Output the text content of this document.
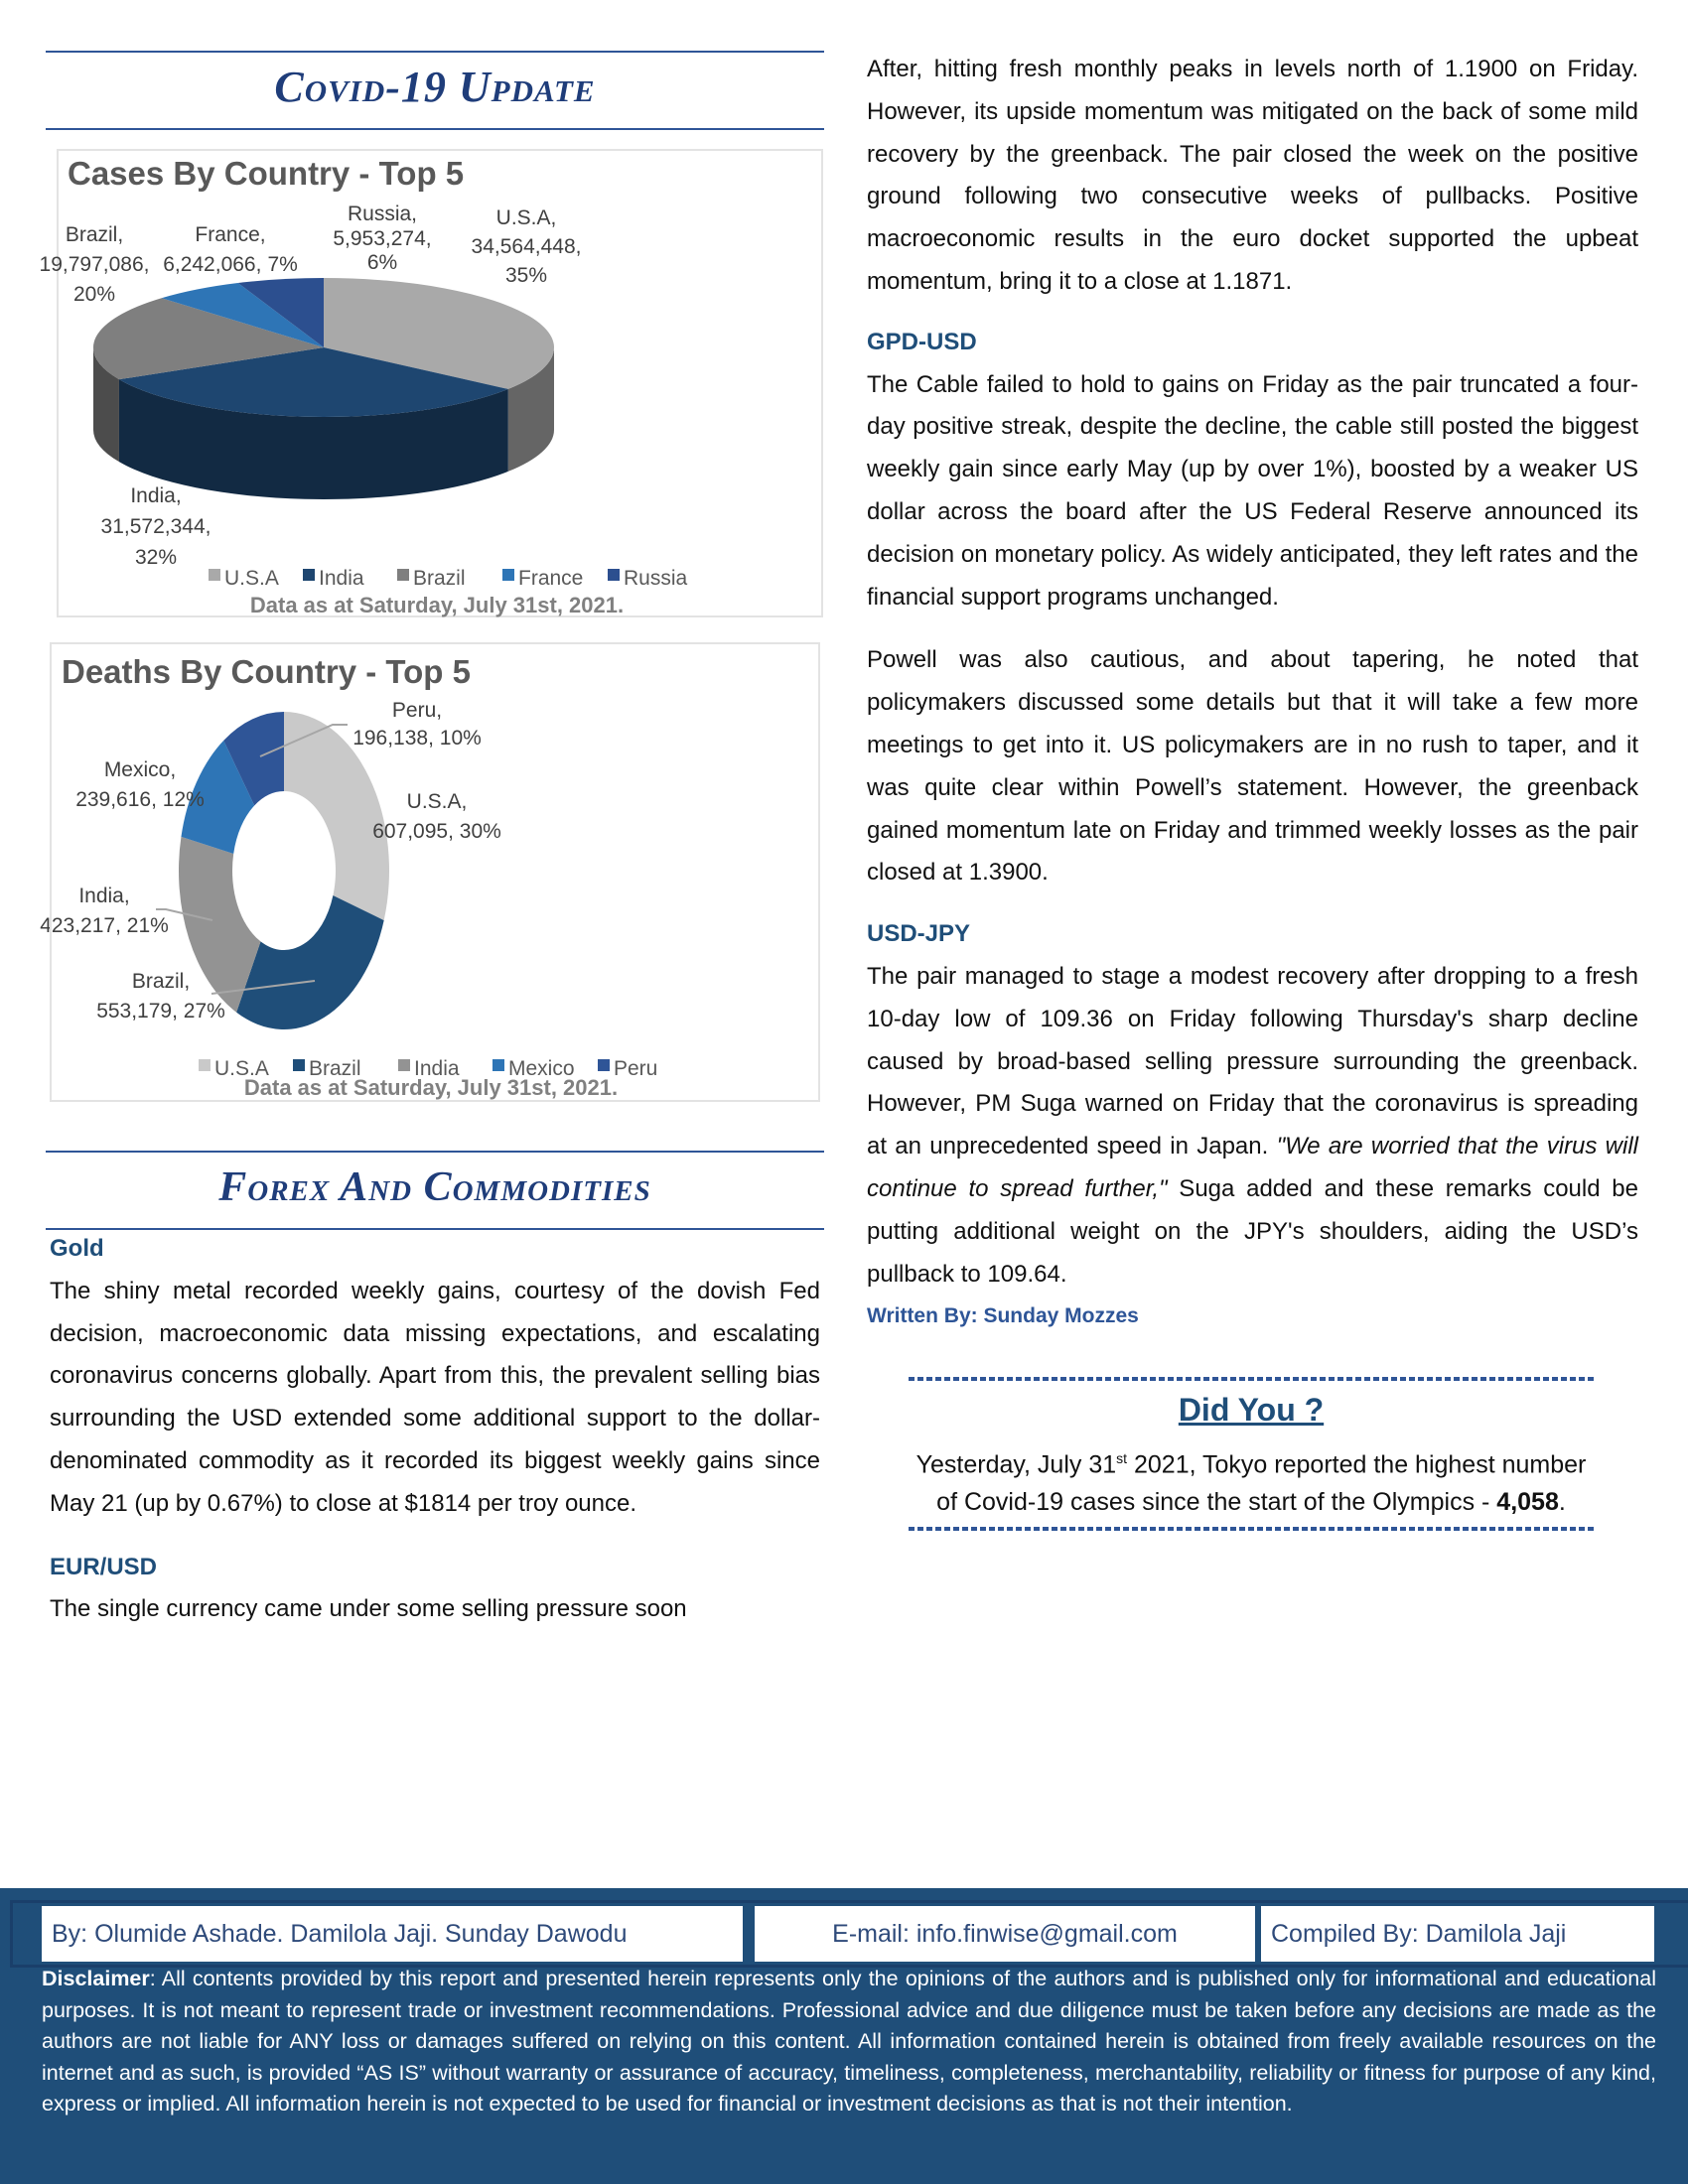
Covid-19 Update
Cases By Country - Top 5
U.S.A,
34,564,448,
35%
Russia,
5,953,274,
6%
Brazil,
19,797,086,
20%
France,
6,242,066, 7%
India,
31,572,344,
32%
U.S.A India Brazil	France Russia
Data as at Saturday, July 31st, 2021.
Deaths By Country - Top 5
Peru,
196,138, 10%
U.S.A,
607,095, 30%
Mexico,
239,616, 12%
India,
423,217, 21%
Brazil,
553,179, 27%
U.S.A Brazil	India Mexico Peru
Data as at Saturday, July 31st, 2021.
Forex And Commodities
Gold
The shiny metal recorded weekly gains, courtesy of the dovish Fed decision, macroeconomic data missing expectations, and escalating coronavirus concerns globally. Apart from this, the prevalent selling bias surrounding the USD extended some additional support to the dollar-denominated commodity as it recorded its biggest weekly gains since May 21 (up by 0.67%) to close at $1814 per troy ounce.
EUR/USD
The single currency came under some selling pressure soon
After, hitting fresh monthly peaks in levels north of 1.1900 on Friday. However, its upside momentum was mitigated on the back of some mild recovery by the greenback. The pair closed the week on the positive ground following two consecutive weeks of pullbacks. Positive macroeconomic results in the euro docket supported the upbeat momentum, bring it to a close at 1.1871.
GPD-USD
The Cable failed to hold to gains on Friday as the pair truncated a four-day positive streak, despite the decline, the cable still posted the biggest weekly gain since early May (up by over 1%), boosted by a weaker US dollar across the board after the US Federal Reserve announced its decision on monetary policy. As widely anticipated, they left rates and the financial support programs unchanged.
Powell was also cautious, and about tapering, he noted that policymakers discussed some details but that it will take a few more meetings to get into it. US policymakers are in no rush to taper, and it was quite clear within Powell’s statement. However, the greenback gained momentum late on Friday and trimmed weekly losses as the pair closed at 1.3900.
USD-JPY
The pair managed to stage a modest recovery after dropping to a fresh 10-day low of 109.36 on Friday following Thursday's sharp decline caused by broad-based selling pressure surrounding the greenback. However, PM Suga warned on Friday that the coronavirus is spreading at an unprecedented speed in Japan. "We are worried that the virus will continue to spread further," Suga added and these remarks could be putting additional weight on the JPY's shoulders, aiding the USD’s pullback to 109.64.
Written By: Sunday Mozzes
Did You ?
Yesterday, July 31st 2021, Tokyo reported the highest number of Covid-19 cases since the start of the Olympics - 4,058.
By: Olumide Ashade. Damilola Jaji. Sunday Dawodu	E-mail: info.finwise@gmail.com	Compiled By: Damilola Jaji
Disclaimer: All contents provided by this report and presented herein represents only the opinions of the authors and is published only for informational and educational purposes. It is not meant to represent trade or investment recommendations. Professional advice and due diligence must be taken before any decisions are made as the authors are not liable for ANY loss or damages suffered on relying on this content. All information contained herein is obtained from freely available resources on the internet and as such, is provided “AS IS” without warranty or assurance of accuracy, timeliness, completeness, merchantability, reliability or fitness for purpose of any kind, express or implied. All information herein is not expected to be used for financial or investment decisions as that is not their intention.
